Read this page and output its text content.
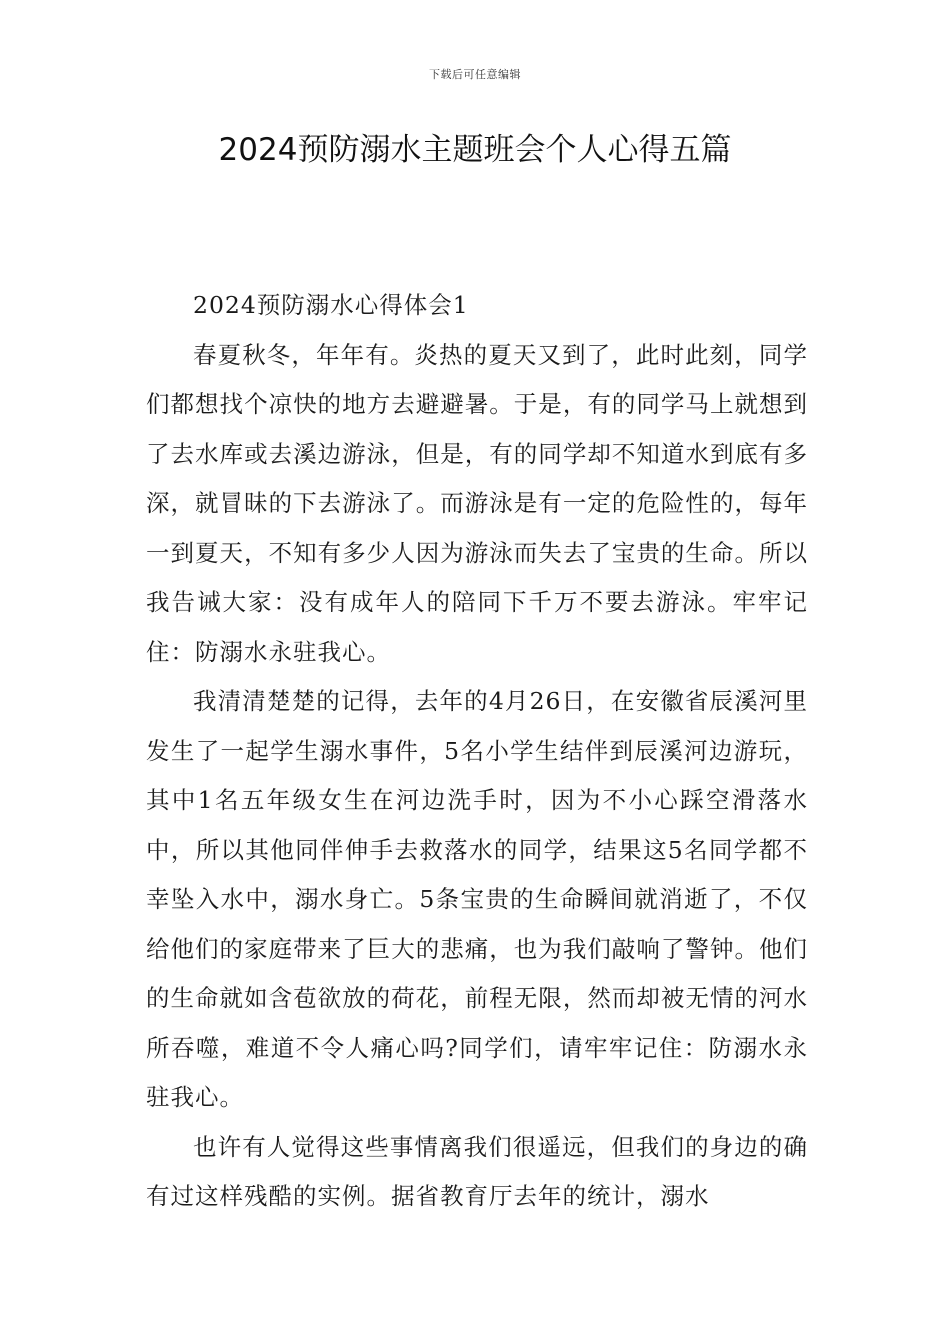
下载后可任意编辑
2024预防溺水主题班会个人心得五篇

2024预防溺水心得体会1

春夏秋冬，年年有。炎热的夏天又到了，此时此刻，同学们都想找个凉快的地方去避避暑。于是，有的同学马上就想到了去水库或去溪边游泳，但是，有的同学却不知道水到底有多深，就冒昧的下去游泳了。而游泳是有一定的危险性的，每年一到夏天，不知有多少人因为游泳而失去了宝贵的生命。所以我告诫大家：没有成年人的陪同下千万不要去游泳。牢牢记住：防溺水永驻我心。

我清清楚楚的记得，去年的4月26日，在安徽省辰溪河里发生了一起学生溺水事件，5名小学生结伴到辰溪河边游玩，其中1名五年级女生在河边洗手时，因为不小心踩空滑落水中，所以其他同伴伸手去救落水的同学，结果这5名同学都不幸坠入水中，溺水身亡。5条宝贵的生命瞬间就消逝了，不仅给他们的家庭带来了巨大的悲痛，也为我们敲响了警钟。他们的生命就如含苞欲放的荷花，前程无限，然而却被无情的河水所吞噬，难道不令人痛心吗?同学们，请牢牢记住：防溺水永驻我心。

也许有人觉得这些事情离我们很遥远，但我们的身边的确有过这样残酷的实例。据省教育厅去年的统计，溺水
